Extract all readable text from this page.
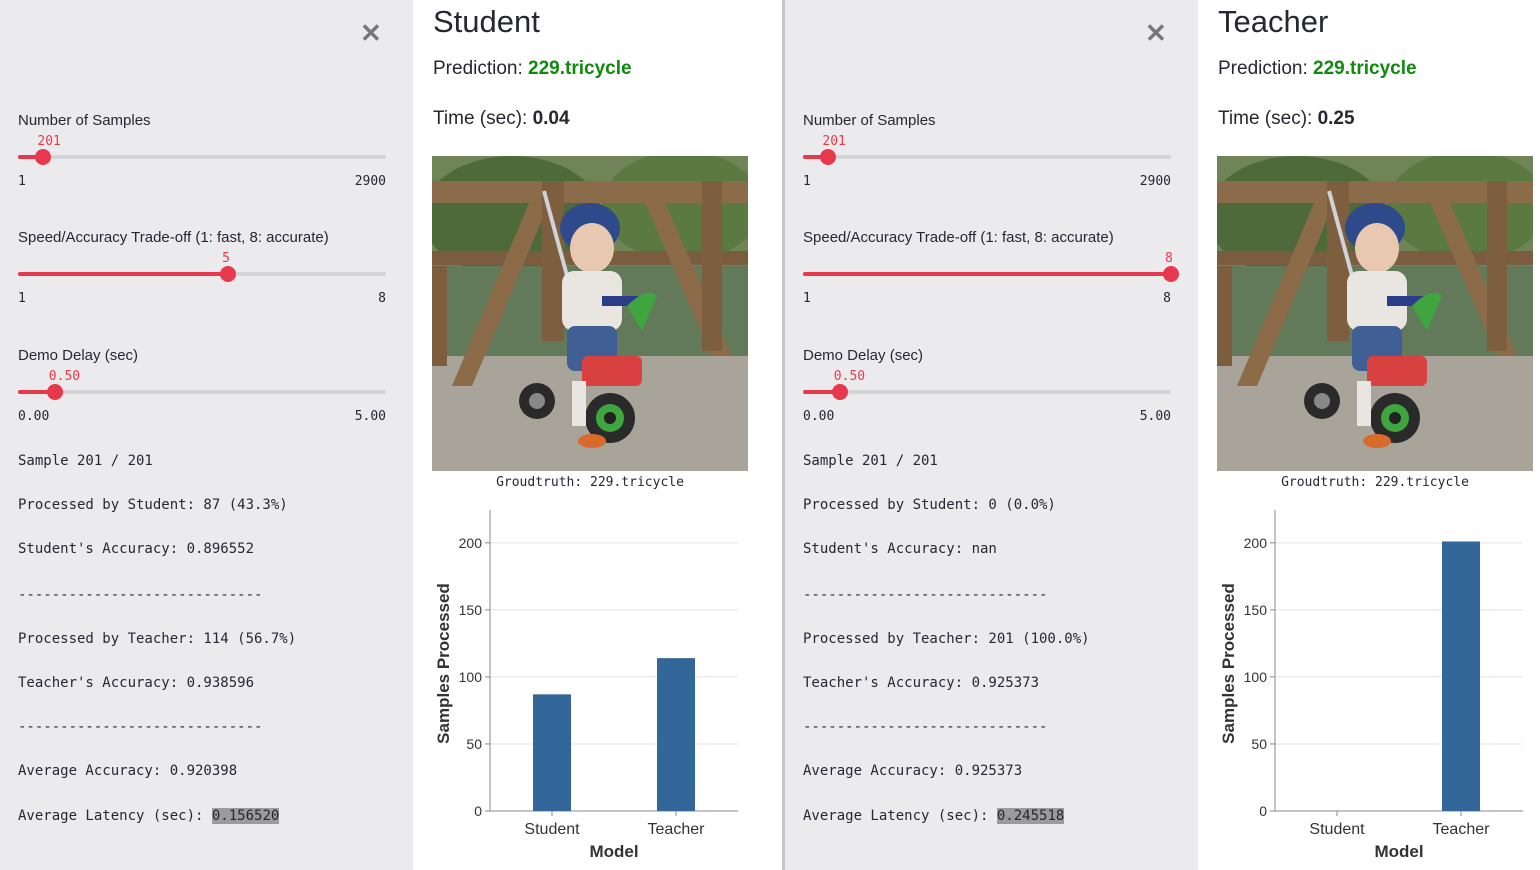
✕
Number of Samples
201
1	2900
Speed/Accuracy Trade-off (1: fast, 8: accurate)
5
1	8
Demo Delay (sec)
0.50
0.00	5.00
Sample 201 / 201
Processed by Student: 87 (43.3%)
Student's Accuracy: 0.896552
-----------------------------
Processed by Teacher: 114 (56.7%)
Teacher's Accuracy: 0.938596
-----------------------------
Average Accuracy: 0.920398
Average Latency (sec): 0.156520
Student
Prediction: 229.tricycle
Time (sec): 0.04
Groudtruth: 229.tricycle
0
50
100
150
200
Student	Teacher
Model
Samples Processed
✕
Number of Samples
201
1	2900
Speed/Accuracy Trade-off (1: fast, 8: accurate)
8
1	8
Demo Delay (sec)
0.50
0.00	5.00
Sample 201 / 201
Processed by Student: 0 (0.0%)
Student's Accuracy: nan
-----------------------------
Processed by Teacher: 201 (100.0%)
Teacher's Accuracy: 0.925373
-----------------------------
Average Accuracy: 0.925373
Average Latency (sec): 0.245518
Teacher
Prediction: 229.tricycle
Time (sec): 0.25
Groudtruth: 229.tricycle
0
50
100
150
200
Student	Teacher
Model
Samples Processed
